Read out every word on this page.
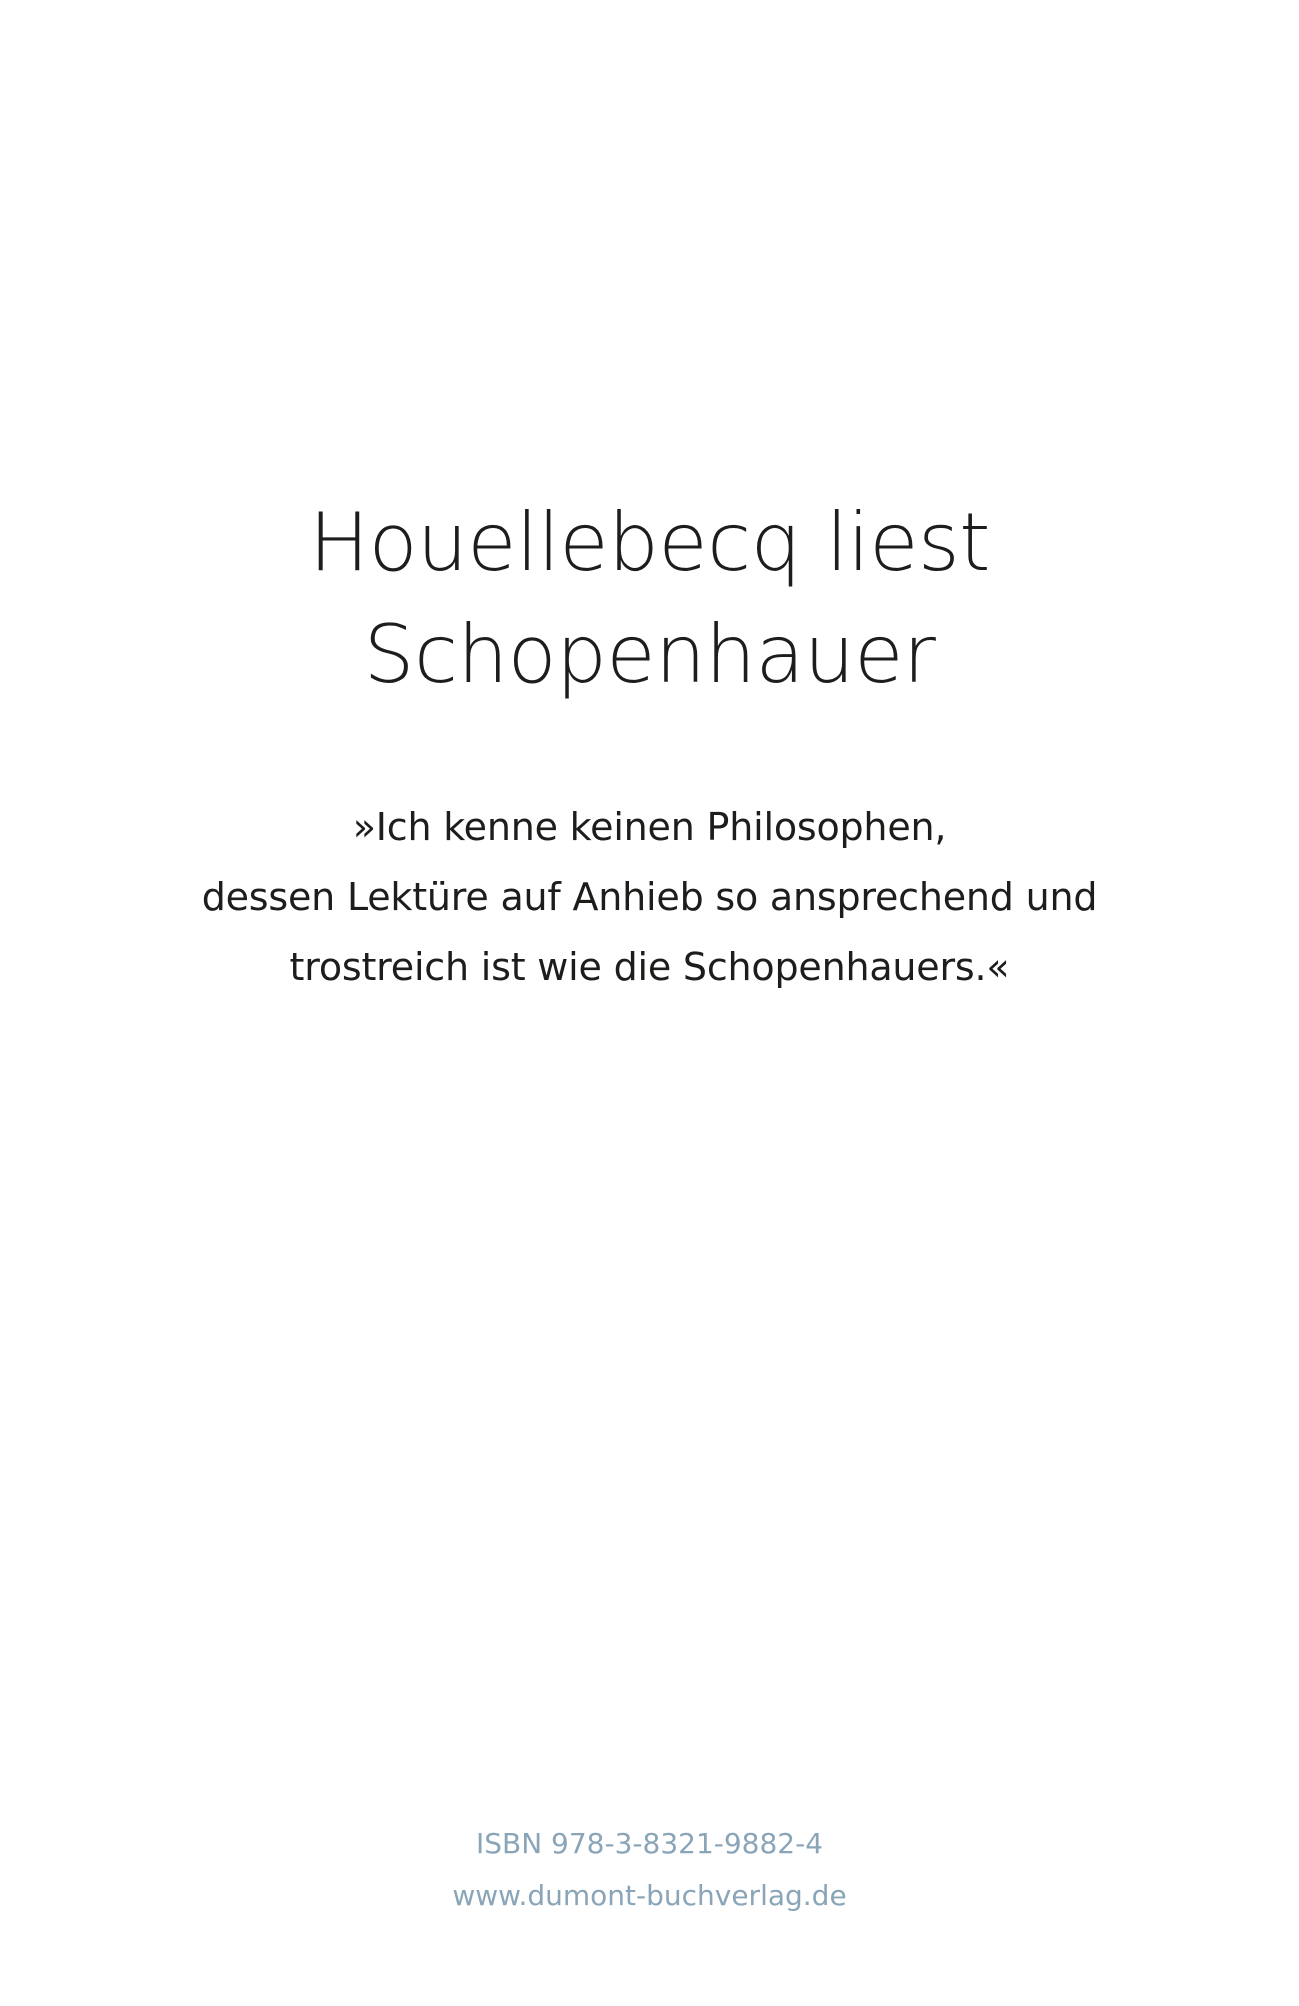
Houellebecq liest
Schopenhauer
»Ich kenne keinen Philosophen,
dessen Lektüre auf Anhieb so ansprechend und
trostreich ist wie die Schopenhauers.«
ISBN 978-3-8321-9882-4
www.dumont-buchverlag.de
